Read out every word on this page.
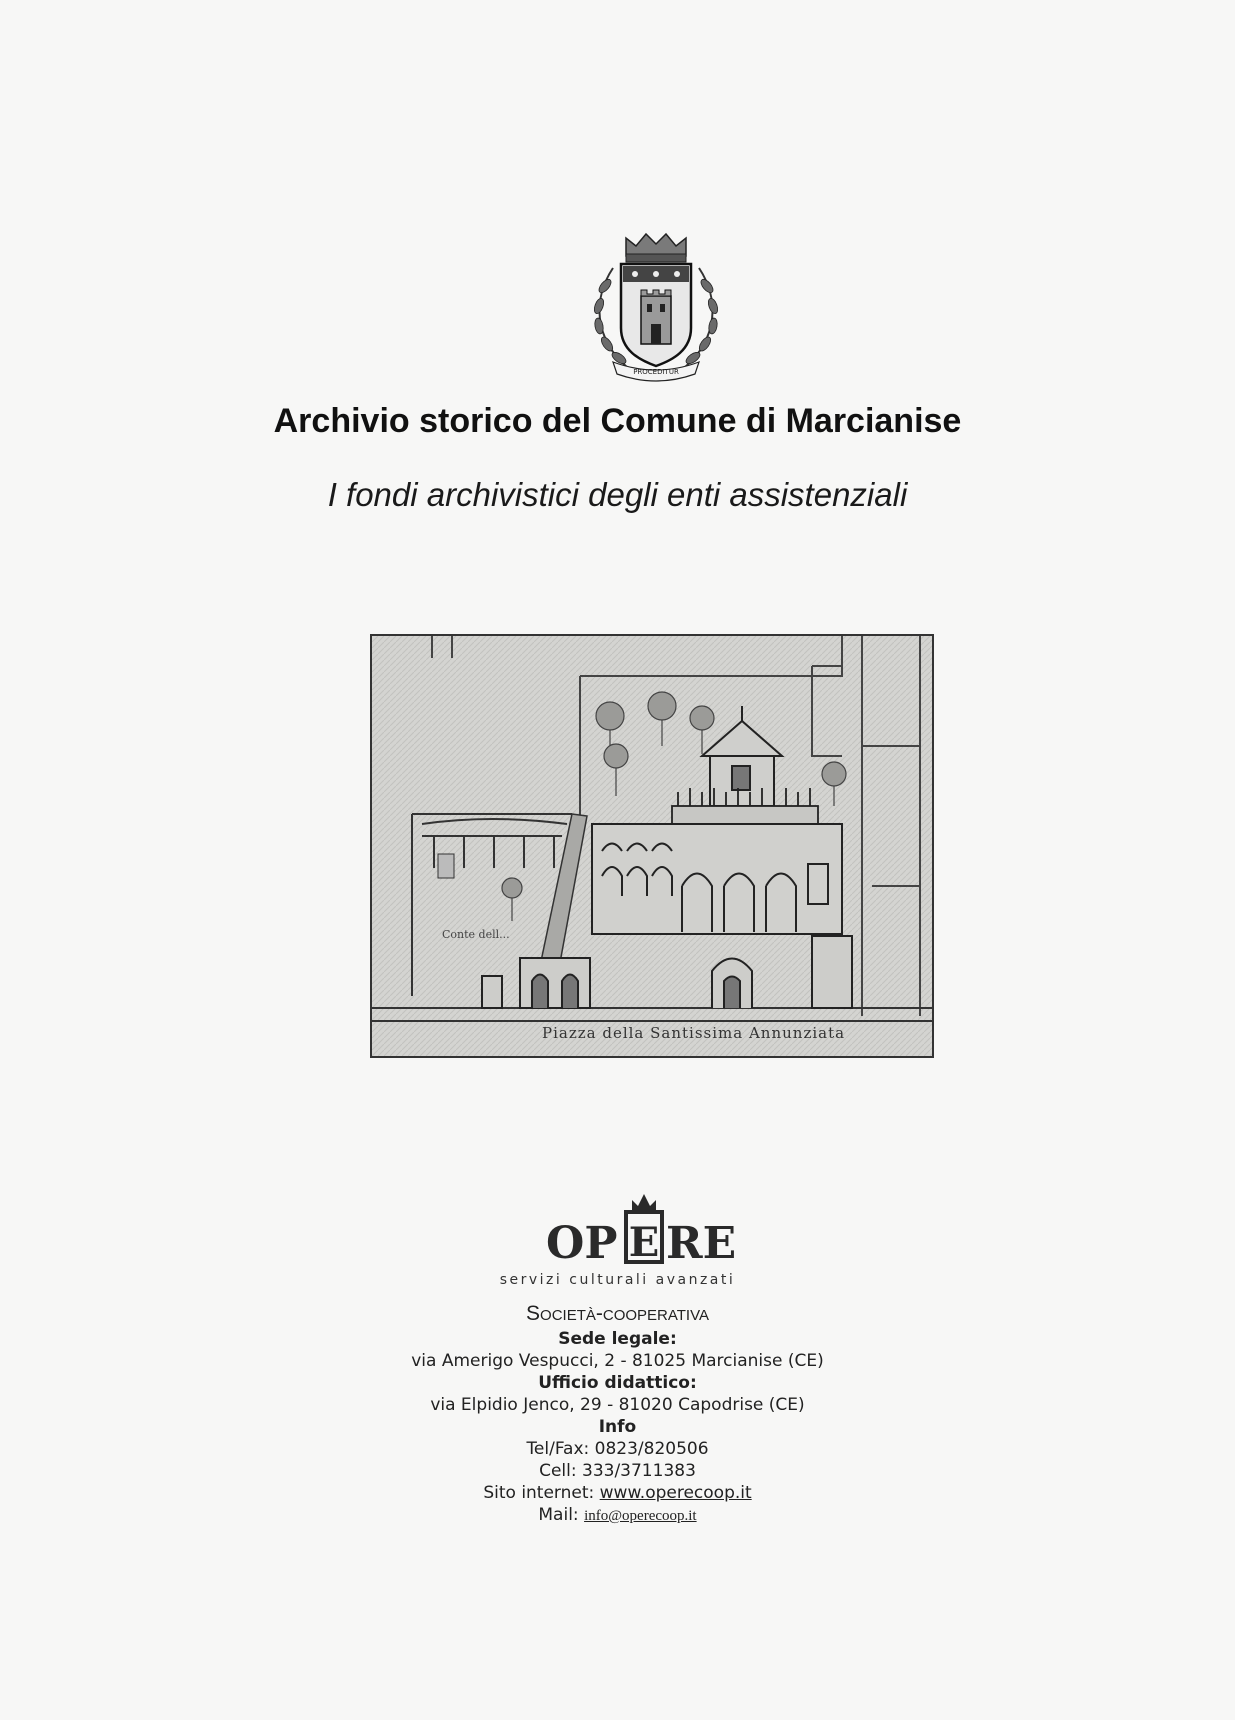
PROCEDITUR
Archivio storico del Comune di Marcianise
I fondi archivistici degli enti assistenziali
Conte dell...
Piazza della Santissima Annunziata
OP E RE
servizi culturali avanzati
Società-cooperativa
Sede legale:
via Amerigo Vespucci, 2 - 81025 Marcianise (CE)
Ufficio didattico:
via Elpidio Jenco, 29 - 81020 Capodrise (CE)
Info
Tel/Fax: 0823/820506
Cell: 333/3711383
Sito internet: www.operecoop.it
Mail: info@operecoop.it
